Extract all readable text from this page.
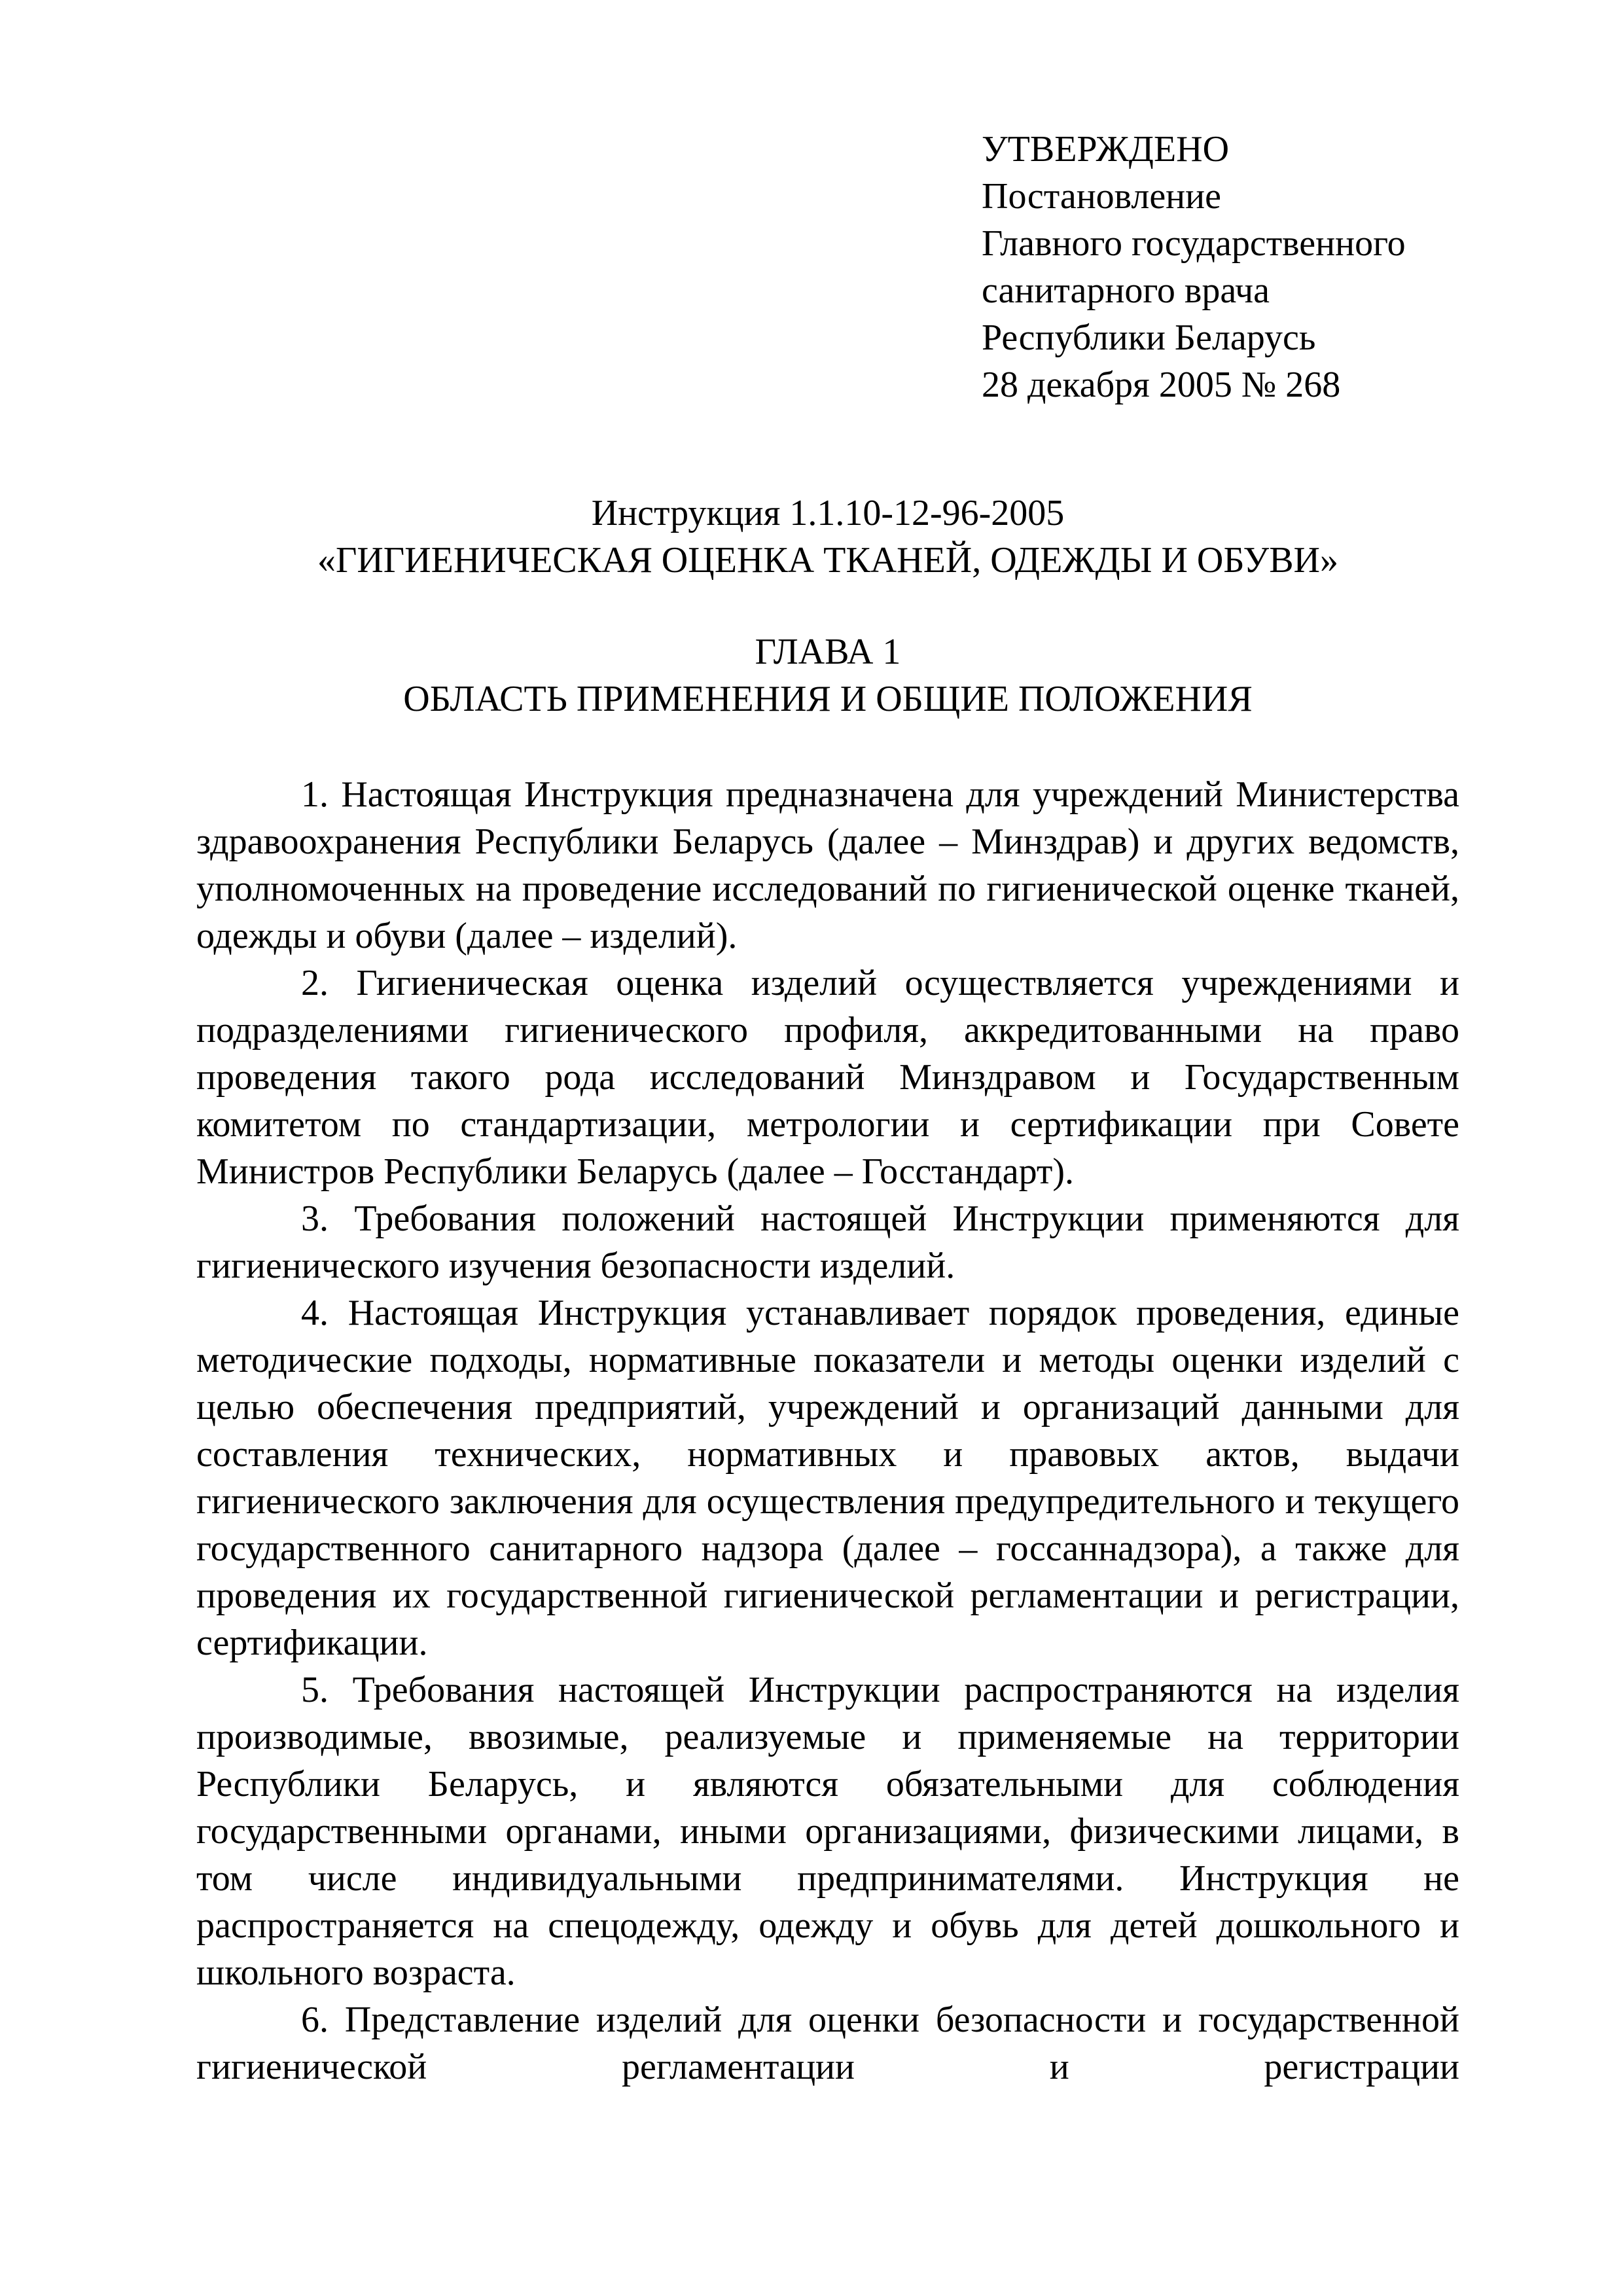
УТВЕРЖДЕНО
Постановление
Главного государственного
санитарного врача
Республики Беларусь
28 декабря 2005 № 268
Инструкция 1.1.10-12-96-2005
«ГИГИЕНИЧЕСКАЯ ОЦЕНКА ТКАНЕЙ, ОДЕЖДЫ И ОБУВИ»
ГЛАВА 1
ОБЛАСТЬ ПРИМЕНЕНИЯ И ОБЩИЕ ПОЛОЖЕНИЯ

1. Настоящая Инструкция предназначена для учреждений Министерства здравоохранения Республики Беларусь (далее – Минздрав) и других ведомств, уполномоченных на проведение исследований по гигиенической оценке тканей, одежды и обуви (далее – изделий).

2. Гигиеническая оценка изделий осуществляется учреждениями и подразделениями гигиенического профиля, аккредитованными на право проведения такого рода исследований Минздравом и Государственным комитетом по стандартизации, метрологии и сертификации при Совете Министров Республики Беларусь (далее – Госстандарт).

3. Требования положений настоящей Инструкции применяются для гигиенического изучения безопасности изделий.

4. Настоящая Инструкция устанавливает порядок проведения, единые методические подходы, нормативные показатели и методы оценки изделий с целью обеспечения предприятий, учреждений и организаций данными для составления технических, нормативных и правовых актов, выдачи гигиенического заключения для осуществления предупредительного и текущего государственного санитарного надзора (далее – госсаннадзора), а также для проведения их государственной гигиенической регламентации и регистрации, сертификации.

5. Требования настоящей Инструкции распространяются на изделия производимые, ввозимые, реализуемые и применяемые на территории Республики Беларусь, и являются обязательными для соблюдения государственными органами, иными организациями, физическими лицами, в том числе индивидуальными предпринимателями. Инструкция не распространяется на спецодежду, одежду и обувь для детей дошкольного и школьного возраста.

6. Представление изделий для оценки безопасности и государственной гигиенической регламентации и регистрации
